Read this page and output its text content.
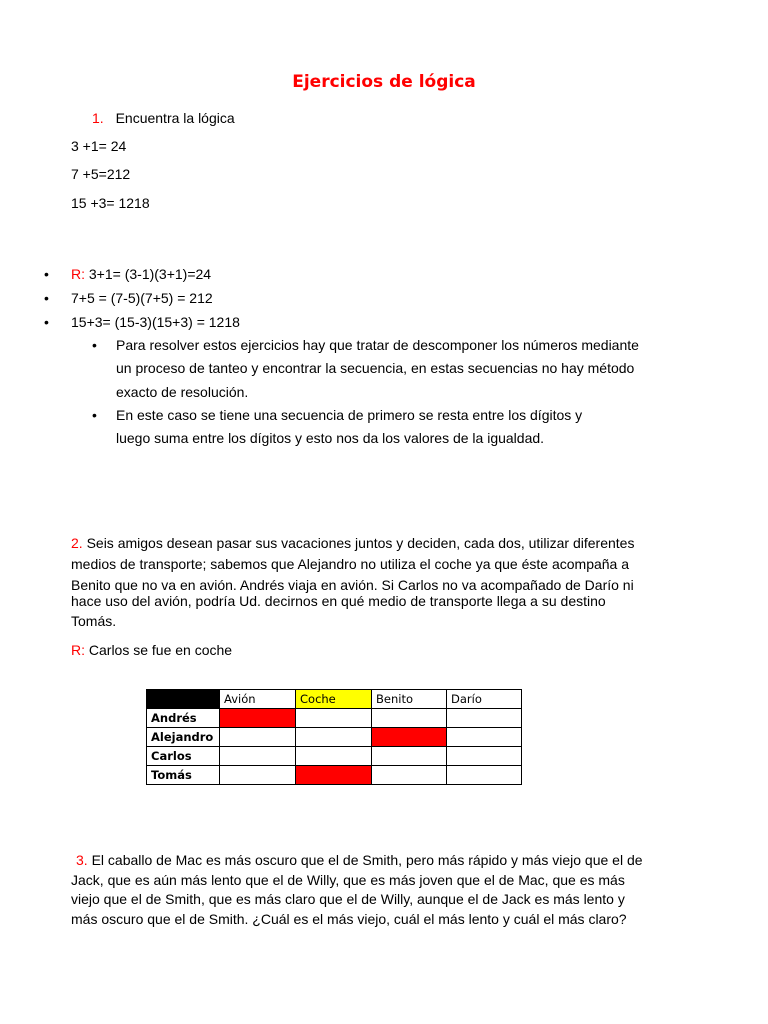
Ejercicios de lógica
1. Encuentra la lógica
3 +1= 24
7 +5=212
15 +3= 1218
• R: 3+1= (3-1)(3+1)=24
• 7+5 = (7-5)(7+5) = 212
• 15+3= (15-3)(15+3) = 1218
• Para resolver estos ejercicios hay que tratar de descomponer los números mediante
un proceso de tanteo y encontrar la secuencia, en estas secuencias no hay método
exacto de resolución.
• En este caso se tiene una secuencia de primero se resta entre los dígitos y
luego suma entre los dígitos y esto nos da los valores de la igualdad.
2. Seis amigos desean pasar sus vacaciones juntos y deciden, cada dos, utilizar diferentes
medios de transporte; sabemos que Alejandro no utiliza el coche ya que éste acompaña a
Benito que no va en avión. Andrés viaja en avión. Si Carlos no va acompañado de Darío ni
hace uso del avión, podría Ud. decirnos en qué medio de transporte llega a su destino
Tomás.
R: Carlos se fue en coche
	Avión	Coche	Benito	Darío
Andrés				
Alejandro				
Carlos				
Tomás				
3. El caballo de Mac es más oscuro que el de Smith, pero más rápido y más viejo que el de
Jack, que es aún más lento que el de Willy, que es más joven que el de Mac, que es más
viejo que el de Smith, que es más claro que el de Willy, aunque el de Jack es más lento y
más oscuro que el de Smith. ¿Cuál es el más viejo, cuál el más lento y cuál el más claro?
